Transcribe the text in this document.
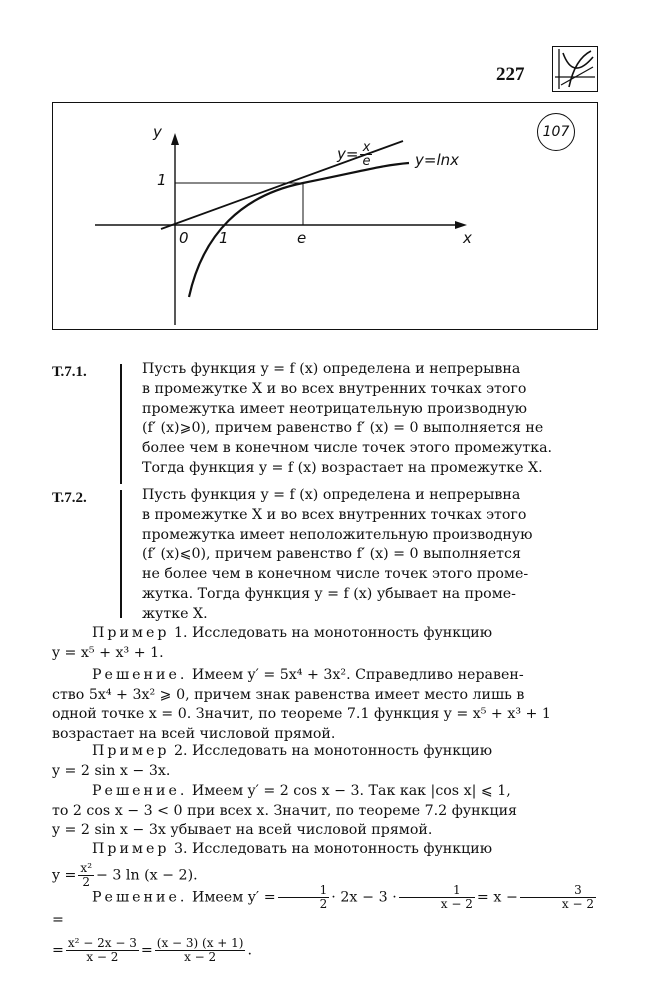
227
y
x
0 1
1
e
$y= \frac{x}{e}$	y=lnx
107
Т.7.1.	Пусть функция y = f (x) определена и непрерывна
в промежутке X и во всех внутренних точках этого
промежутка имеет неотрицательную производную
(f′ (x)⩾0), причем равенство f′ (x) = 0 выполняется не
более чем в конечном числе точек этого промежутка.
Тогда функция y = f (x) возрастает на промежутке X.
Т.7.2.	Пусть функция y = f (x) определена и непрерывна
в промежутке X и во всех внутренних точках этого
промежутка имеет неположительную производную
(f′ (x)⩽0), причем равенство f′ (x) = 0 выполняется
не более чем в конечном числе точек этого проме-
жутка. Тогда функция y = f (x) убывает на проме-
жутке X.
Пример 1. Исследовать на монотонность функцию
y = x⁵ + x³ + 1.
Решение. Имеем y′ = 5x⁴ + 3x². Справедливо неравен-
ство 5x⁴ + 3x² ⩾ 0, причем знак равенства имеет место лишь в
одной точке x = 0. Значит, по теореме 7.1 функция y = x⁵ + x³ + 1
возрастает на всей числовой прямой.
Пример 2. Исследовать на монотонность функцию
y = 2 sin x − 3x.
Решение. Имеем y′ = 2 cos x − 3. Так как |cos x| ⩽ 1,
то 2 cos x − 3 < 0 при всех x. Значит, по теореме 7.2 функция
y = 2 sin x − 3x убывает на всей числовой прямой.
Пример 3. Исследовать на монотонность функцию
$y = \frac{\text{x²}}{2} - 3$ ln (x − 2).
Решение. Имеем $y' = \frac{1}{2} \cdot 2x - 3 \cdot \frac{1}{x - 2} = x - \frac{3}{x - 2}$
=
= $\frac{\text{x² − 2x − 3}}{x - 2} = \frac{(x - 3) (x + 1)}{x - 2}$ .
